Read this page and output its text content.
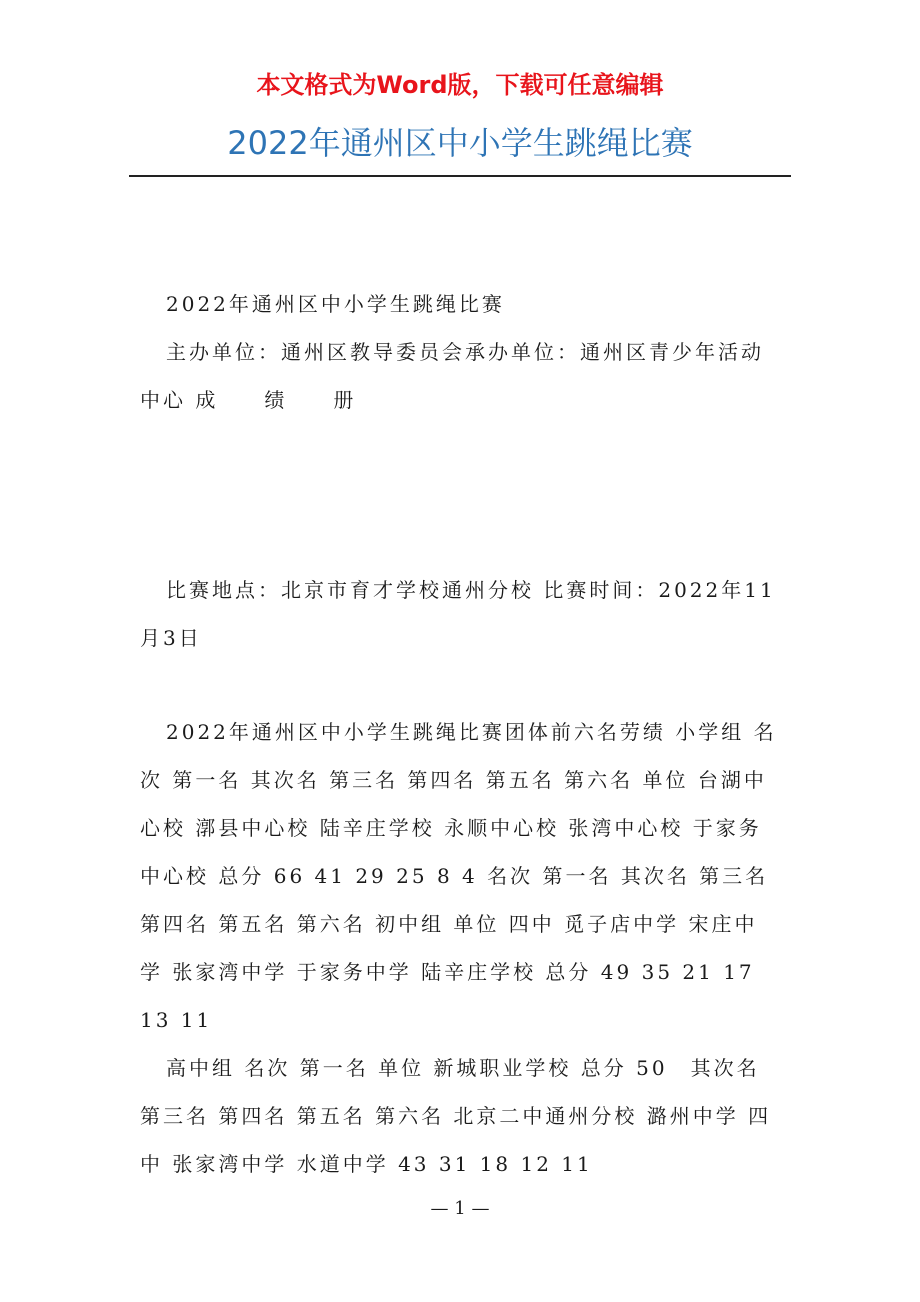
本文格式为Word版，下载可任意编辑
2022年通州区中小学生跳绳比赛

2022年通州区中小学生跳绳比赛

主办单位：通州区教导委员会承办单位：通州区青少年活动中心 成　　绩　　册

比赛地点：北京市育才学校通州分校 比赛时间：2022年11月3日

2022年通州区中小学生跳绳比赛团体前六名劳绩 小学组 名次 第一名 其次名 第三名 第四名 第五名 第六名 单位 台湖中心校 漷县中心校 陆辛庄学校 永顺中心校 张湾中心校 于家务中心校 总分 66 41 29 25 8 4 名次 第一名 其次名 第三名 第四名 第五名 第六名 初中组 单位 四中 觅子店中学 宋庄中学 张家湾中学 于家务中学 陆辛庄学校 总分 49 35 21 17 13 11

高中组 名次 第一名 单位 新城职业学校 总分 50　其次名 第三名 第四名 第五名 第六名 北京二中通州分校 潞州中学 四中 张家湾中学 水道中学 43 31 18 12 11

— 1 —
